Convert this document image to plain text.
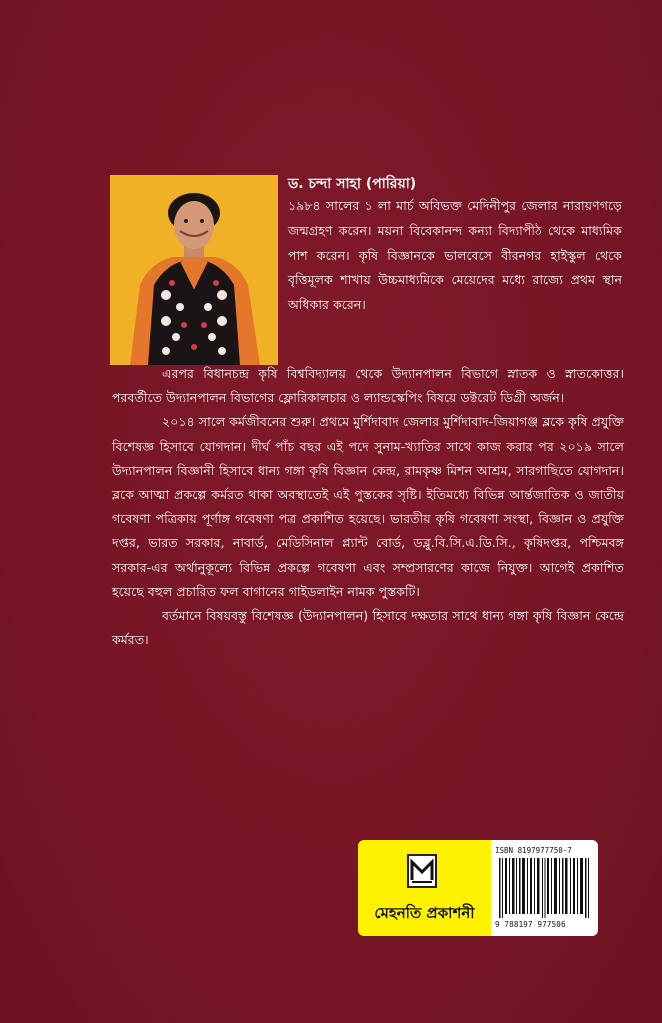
ড. চন্দা সাহা (পারিয়া)

১৯৮৪ সালের ১ লা মার্চ অবিভক্ত মেদিনীপুর জেলার নারায়ণগড়ে জন্মগ্রহণ করেন। ময়না বিবেকানন্দ কন্যা বিদ্যাপীঠ থেকে মাধ্যমিক পাশ করেন। কৃষি বিজ্ঞানকে ভালবেসে বীরনগর হাইস্কুল থেকে বৃত্তিমূলক শাখায় উচ্চমাধ্যমিকে মেয়েদের মধ্যে রাজ্যে প্রথম স্থান অধিকার করেন।

এরপর বিধানচন্দ্র কৃষি বিশ্ববিদ্যালয় থেকে উদ্যানপালন বিভাগে স্নাতক ও স্নাতকোত্তর। পরবর্তীতে উদ্যানপালন বিভাগের ফ্লোরিকালচার ও ল্যান্ডস্কেপিং বিষয়ে ডক্টরেট ডিগ্রী অর্জন।

২০১৪ সালে কর্মজীবনের শুরু। প্রথমে মুর্শিদাবাদ জেলার মুর্শিদাবাদ-জিয়াগঞ্জ ব্লকে কৃষি প্রযুক্তি বিশেষজ্ঞ হিসাবে যোগদান। দীর্ঘ পাঁচ বছর এই পদে সুনাম-খ্যাতির সাথে কাজ করার পর ২০১৯ সালে উদ্যানপালন বিজ্ঞানী হিসাবে ধান্য গঙ্গা কৃষি বিজ্ঞান কেন্দ্র, রামকৃষ্ণ মিশন আশ্রম, সারগাছিতে যোগদান। ব্লকে আত্মা প্রকল্পে কর্মরত থাকা অবস্থাতেই এই পুস্তকের সৃষ্টি। ইতিমধ্যে বিভিন্ন আর্ন্তজাতিক ও জাতীয় গবেষণা পত্রিকায় পূর্ণাঙ্গ গবেষণা পত্র প্রকাশিত হয়েছে। ভারতীয় কৃষি গবেষণা সংস্থা, বিজ্ঞান ও প্রযুক্তি দপ্তর, ভারত সরকার, নাবার্ড, মেডিসিনাল প্ল্যান্ট বোর্ড, ডব্লু.বি.সি.এ.ডি.সি., কৃষিদপ্তর, পশ্চিমবঙ্গ সরকার-এর অর্থানুকূল্যে বিভিন্ন প্রকল্পে গবেষণা এবং সম্প্রসারণের কাজে নিযুক্ত। আগেই প্রকাশিত হয়েছে বহুল প্রচারিত ফল বাগানের গাইডলাইন নামক পুস্তকটি।

বর্তমানে বিষয়বস্তু বিশেষজ্ঞ (উদ্যানপালন) হিসাবে দক্ষতার সাথে ধান্য গঙ্গা কৃষি বিজ্ঞান কেন্দ্রে কর্মরত।

মেহনতি প্রকাশনী
ISBN 8197977750-7
9 788197 977506
